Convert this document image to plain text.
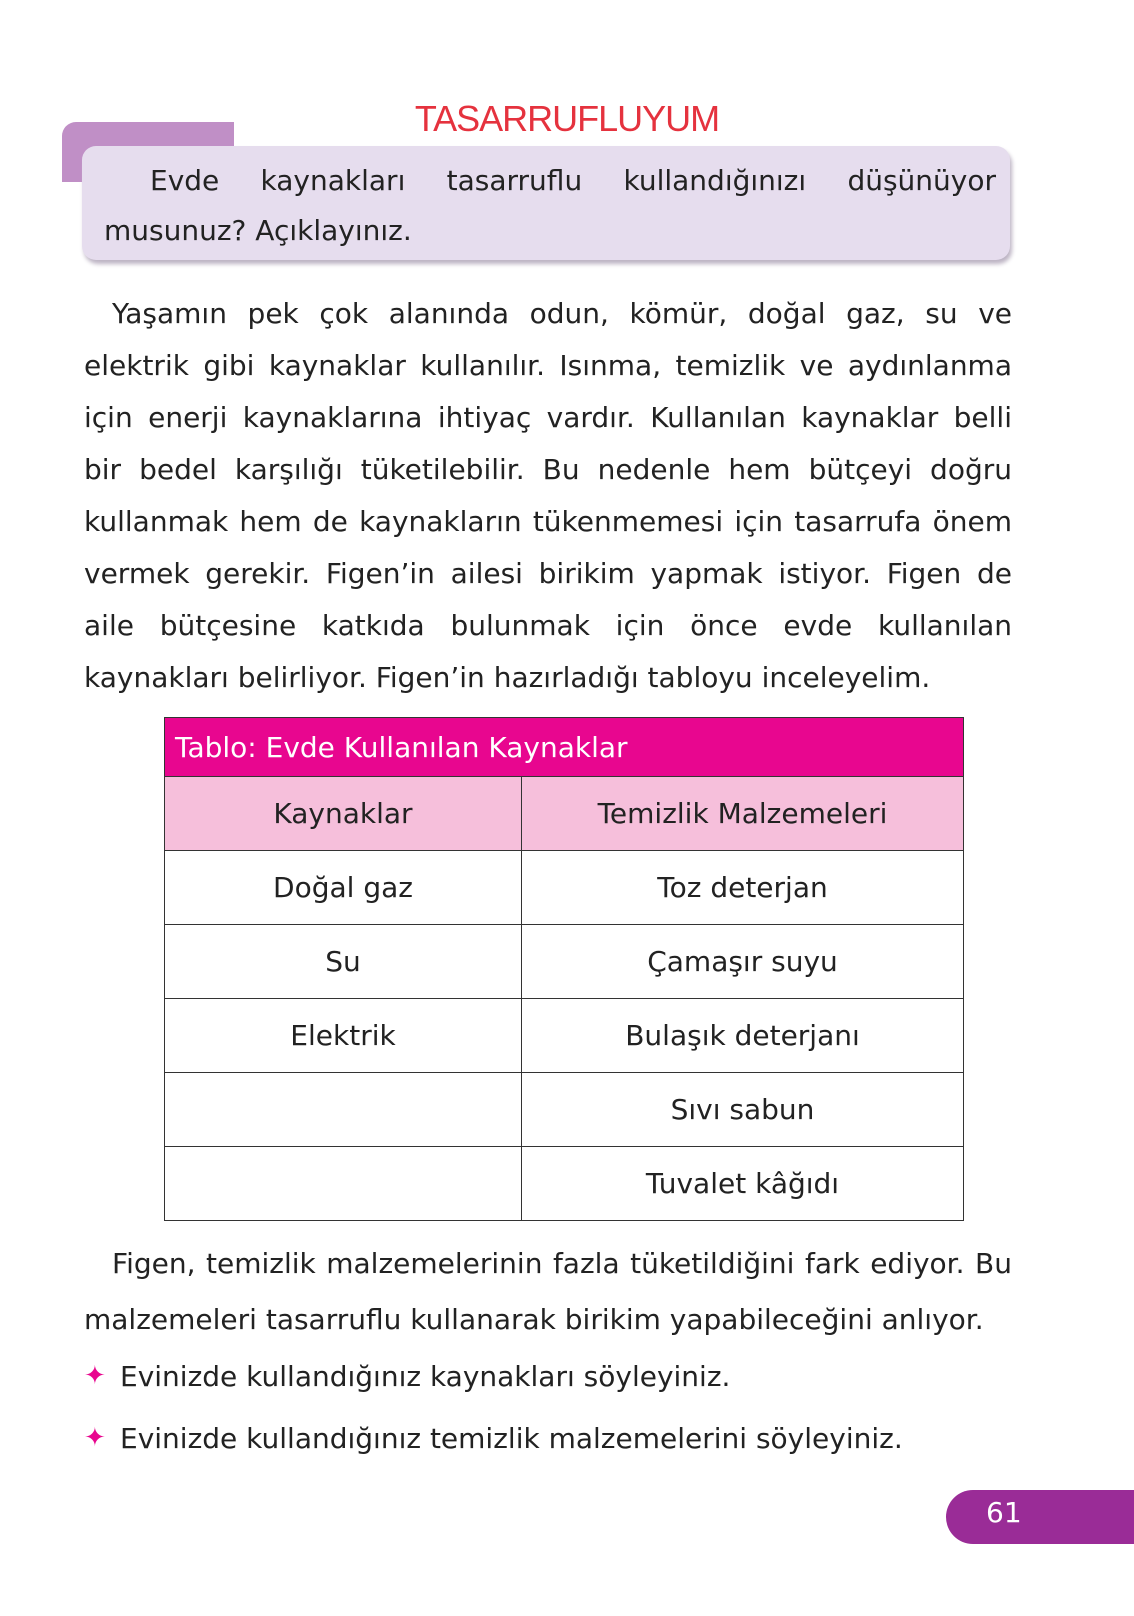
TASARRUFLUYUM
Evde kaynakları tasarruflu kullandığınızı düşünüyor musunuz? Açıklayınız.
Yaşamın pek çok alanında odun, kömür, doğal gaz, su ve elektrik gibi kaynaklar kullanılır. Isınma, temizlik ve aydınlanma için enerji kaynaklarına ihtiyaç vardır. Kullanılan kaynaklar belli bir bedel karşılığı tüketilebilir. Bu nedenle hem bütçeyi doğru kullanmak hem de kaynakların tükenmemesi için tasarrufa önem vermek gerekir. Figen’in ailesi birikim yapmak istiyor. Figen de aile bütçesine katkıda bulunmak için önce evde kullanılan kaynakları belirliyor. Figen’in hazırladığı tabloyu inceleyelim.
Tablo: Evde Kullanılan Kaynaklar	
Kaynaklar	Temizlik Malzemeleri
Doğal gaz	Toz deterjan
Su	Çamaşır suyu
Elektrik	Bulaşık deterjanı
	Sıvı sabun
	Tuvalet kâğıdı
Figen, temizlik malzemelerinin fazla tüketildiğini fark ediyor. Bu malzemeleri tasarruflu kullanarak birikim yapabileceğini anlıyor.
✦ Evinizde kullandığınız kaynakları söyleyiniz.
✦ Evinizde kullandığınız temizlik malzemelerini söyleyiniz.
61
